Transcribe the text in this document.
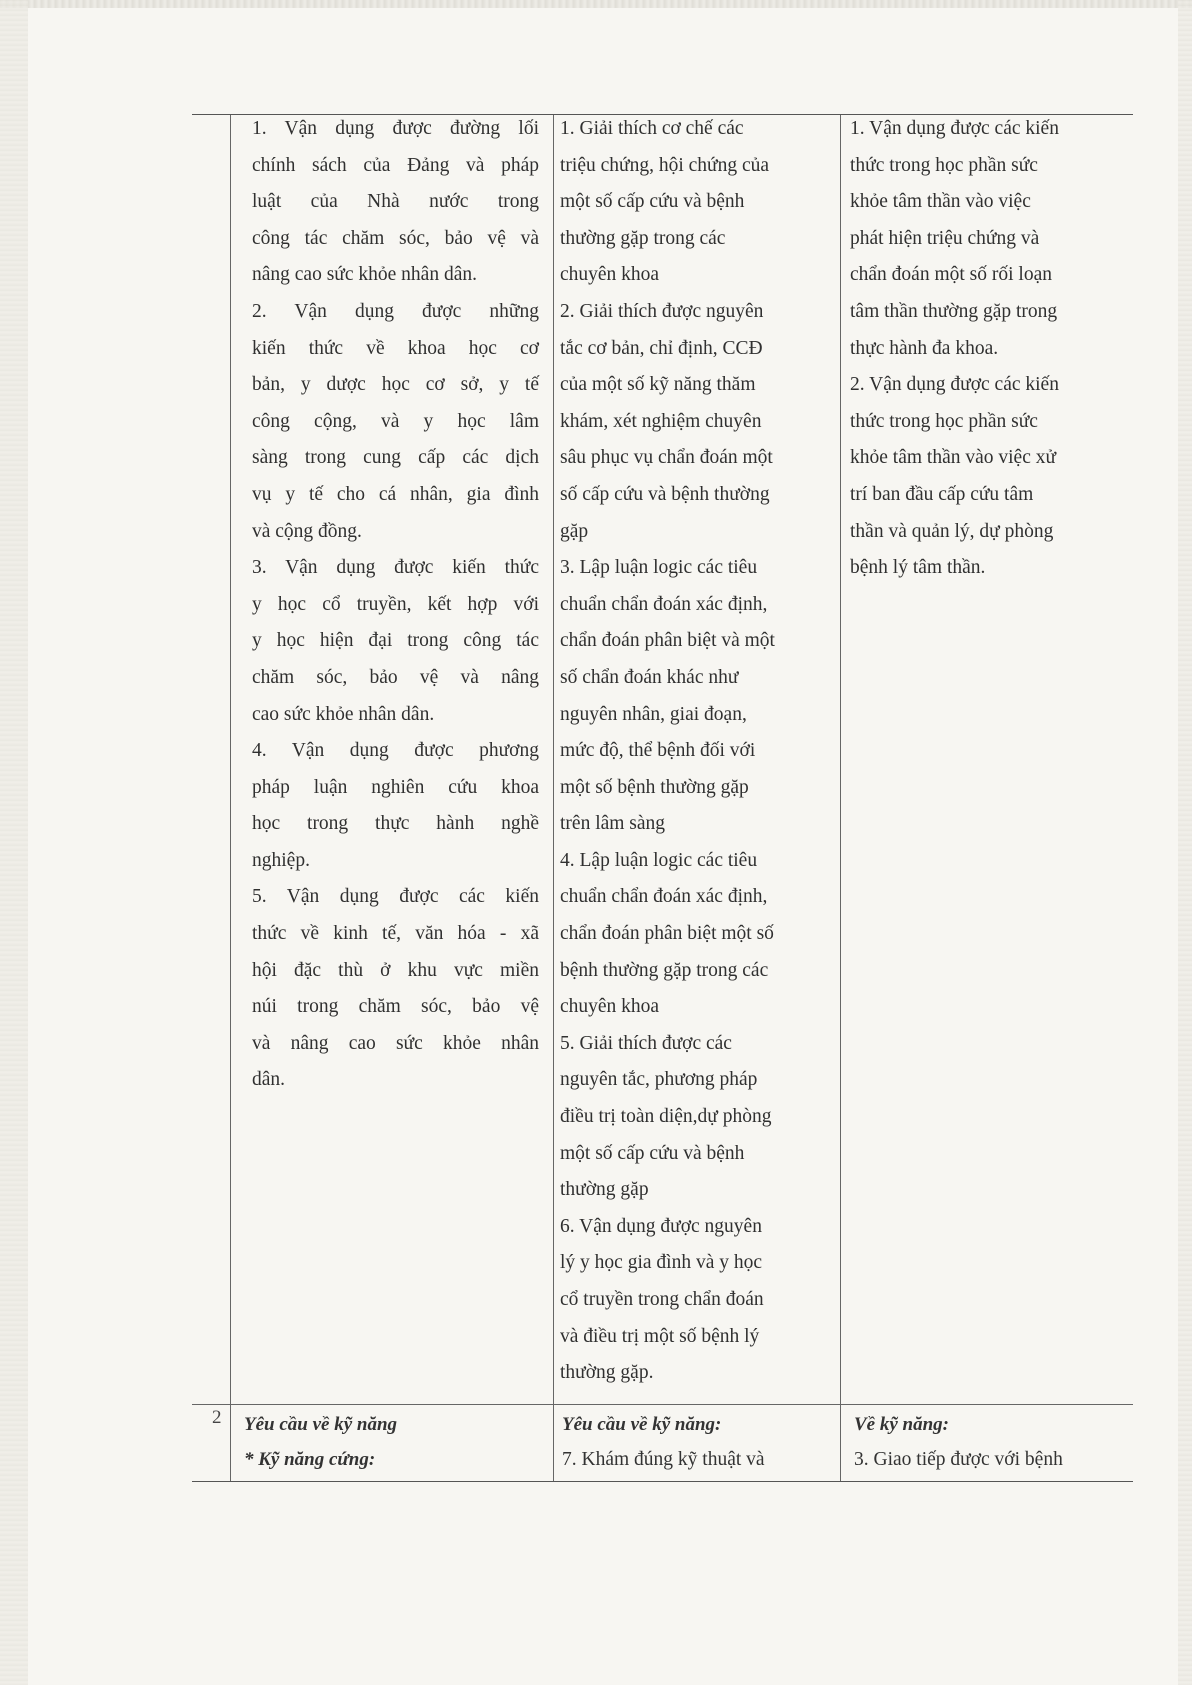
1. Vận dụng được đường lối
chính sách của Đảng và pháp
luật của Nhà nước trong
công tác chăm sóc, bảo vệ và
nâng cao sức khỏe nhân dân.
2. Vận dụng được những
kiến thức về khoa học cơ
bản, y dược học cơ sở, y tế
công cộng, và y học lâm
sàng trong cung cấp các dịch
vụ y tế cho cá nhân, gia đình
và cộng đồng.
3. Vận dụng được kiến thức
y học cổ truyền, kết hợp với
y học hiện đại trong công tác
chăm sóc, bảo vệ và nâng
cao sức khỏe nhân dân.
4. Vận dụng được phương
pháp luận nghiên cứu khoa
học trong thực hành nghề
nghiệp.
5. Vận dụng được các kiến
thức về kinh tế, văn hóa - xã
hội đặc thù ở khu vực miền
núi trong chăm sóc, bảo vệ
và nâng cao sức khỏe nhân
dân.
1. Giải thích cơ chế các
triệu chứng, hội chứng của
một số cấp cứu và bệnh
thường gặp trong các
chuyên khoa
2. Giải thích được nguyên
tắc cơ bản, chỉ định, CCĐ
của một số kỹ năng thăm
khám, xét nghiệm chuyên
sâu phục vụ chẩn đoán một
số cấp cứu và bệnh thường
gặp
3. Lập luận logic các tiêu
chuẩn chẩn đoán xác định,
chẩn đoán phân biệt và một
số chẩn đoán khác như
nguyên nhân, giai đoạn,
mức độ, thể bệnh đối với
một số bệnh thường gặp
trên lâm sàng
4. Lập luận logic các tiêu
chuẩn chẩn đoán xác định,
chẩn đoán phân biệt một số
bệnh thường gặp trong các
chuyên khoa
5. Giải thích được các
nguyên tắc, phương pháp
điều trị toàn diện,dự phòng
một số cấp cứu và bệnh
thường gặp
6. Vận dụng được nguyên
lý y học gia đình và y học
cổ truyền trong chẩn đoán
và điều trị một số bệnh lý
thường gặp.
1. Vận dụng được các kiến
thức trong học phần sức
khỏe tâm thần vào việc
phát hiện triệu chứng và
chẩn đoán một số rối loạn
tâm thần thường gặp trong
thực hành đa khoa.
2. Vận dụng được các kiến
thức trong học phần sức
khỏe tâm thần vào việc xử
trí ban đầu cấp cứu tâm
thần và quản lý, dự phòng
bệnh lý tâm thần.
2 Yêu cầu về kỹ năng
* Kỹ năng cứng:
Yêu cầu về kỹ năng:
7. Khám đúng kỹ thuật và
Về kỹ năng:
3. Giao tiếp được với bệnh
